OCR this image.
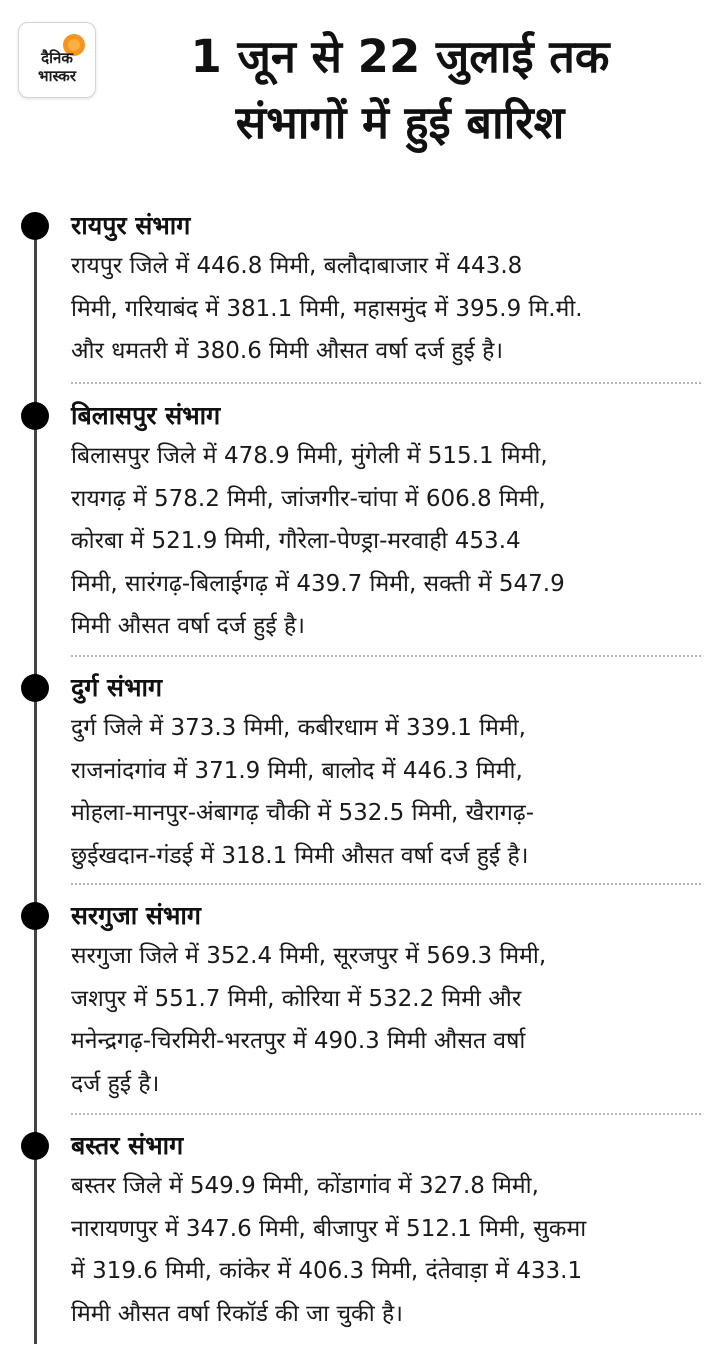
दैनिक
भास्कर	1 जून से 22 जुलाई तक
संभागों में हुई बारिश
रायपुर संभाग
रायपुर जिले में 446.8 मिमी, बलौदाबाजार में 443.8
मिमी, गरियाबंद में 381.1 मिमी, महासमुंद में 395.9 मि.मी.
और धमतरी में 380.6 मिमी औसत वर्षा दर्ज हुई है।
बिलासपुर संभाग
बिलासपुर जिले में 478.9 मिमी, मुंगेली में 515.1 मिमी,
रायगढ़ में 578.2 मिमी, जांजगीर-चांपा में 606.8 मिमी,
कोरबा में 521.9 मिमी, गौरेला-पेण्ड्रा-मरवाही 453.4
मिमी, सारंगढ़-बिलाईगढ़ में 439.7 मिमी, सक्ती में 547.9
मिमी औसत वर्षा दर्ज हुई है।
दुर्ग संभाग
दुर्ग जिले में 373.3 मिमी, कबीरधाम में 339.1 मिमी,
राजनांदगांव में 371.9 मिमी, बालोद में 446.3 मिमी,
मोहला-मानपुर-अंबागढ़ चौकी में 532.5 मिमी, खैरागढ़-
छुईखदान-गंडई में 318.1 मिमी औसत वर्षा दर्ज हुई है।
सरगुजा संभाग
सरगुजा जिले में 352.4 मिमी, सूरजपुर में 569.3 मिमी,
जशपुर में 551.7 मिमी, कोरिया में 532.2 मिमी और
मनेन्द्रगढ़-चिरमिरी-भरतपुर में 490.3 मिमी औसत वर्षा
दर्ज हुई है।
बस्तर संभाग
बस्तर जिले में 549.9 मिमी, कोंडागांव में 327.8 मिमी,
नारायणपुर में 347.6 मिमी, बीजापुर में 512.1 मिमी, सुकमा
में 319.6 मिमी, कांकेर में 406.3 मिमी, दंतेवाड़ा में 433.1
मिमी औसत वर्षा रिकॉर्ड की जा चुकी है।
